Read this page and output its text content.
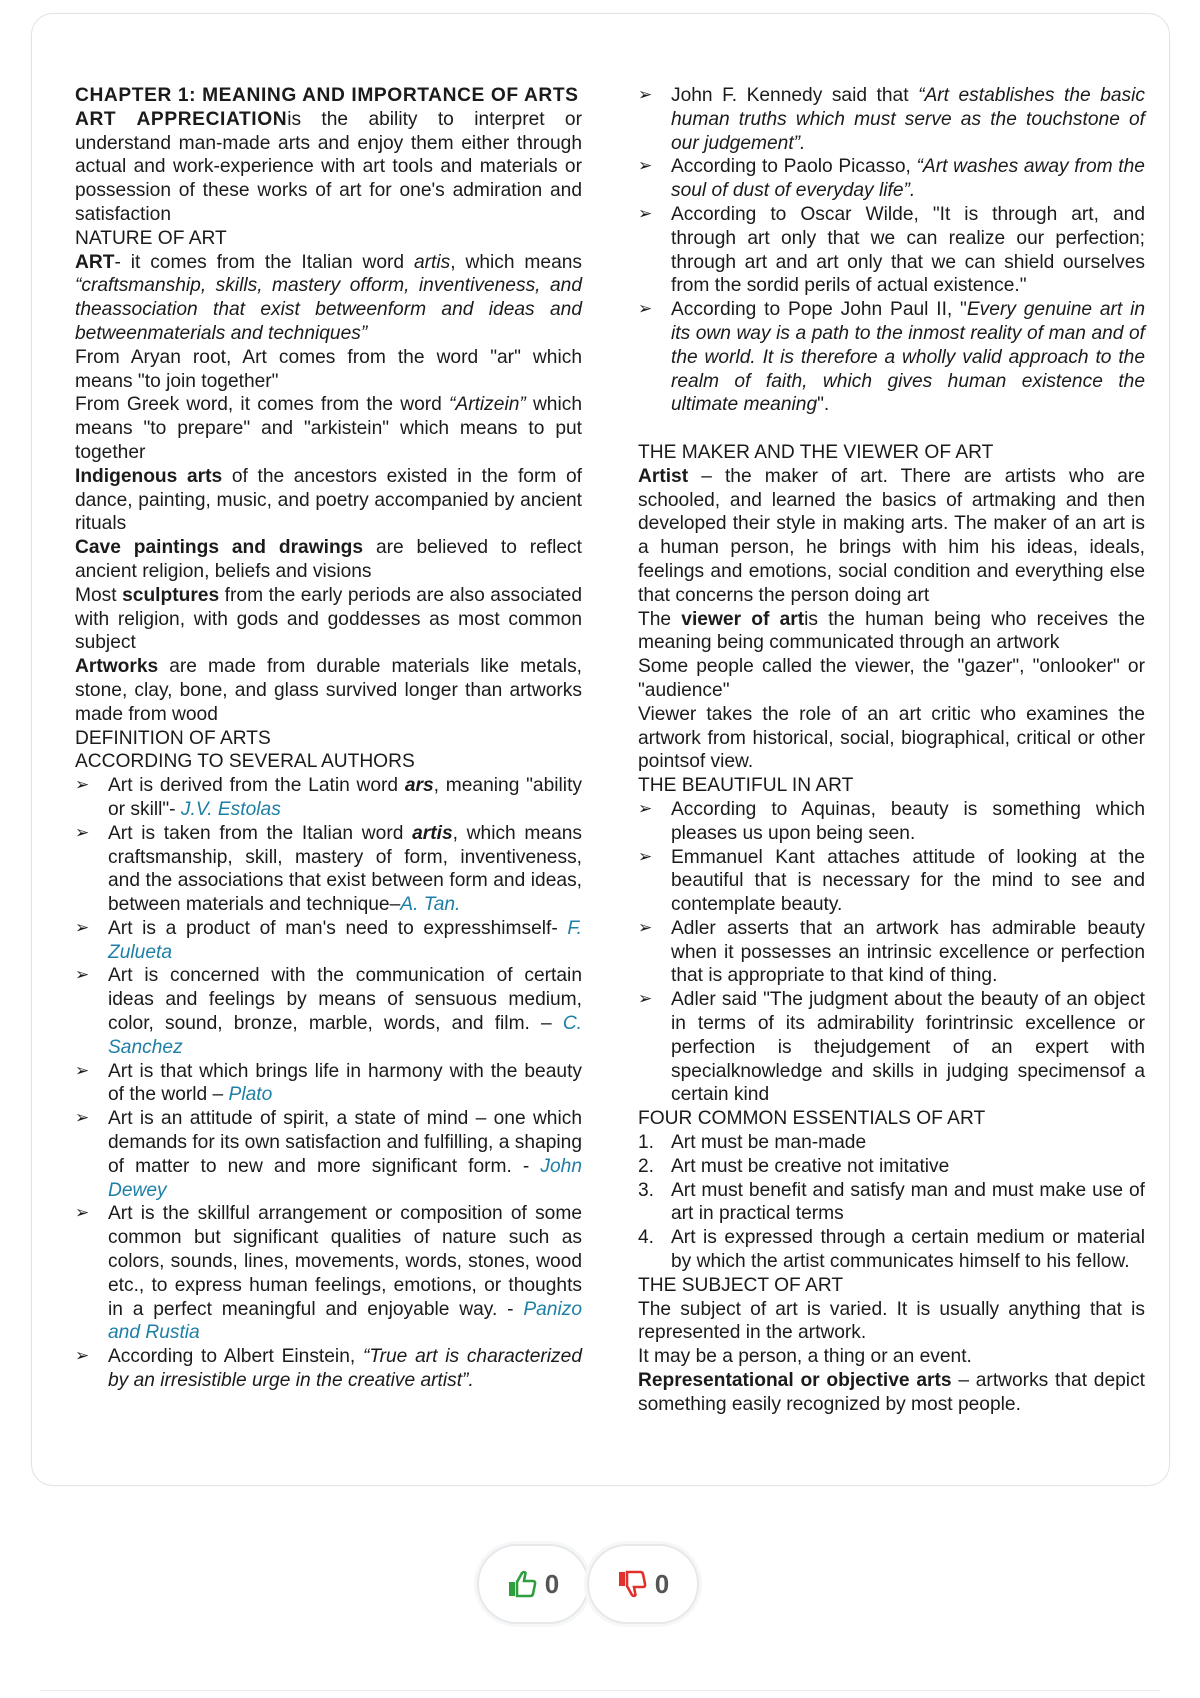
CHAPTER 1: MEANING AND IMPORTANCE OF ARTS

ART APPRECIATIONis the ability to interpret or understand man-made arts and enjoy them either through actual and work-experience with art tools and materials or possession of these works of art for one's admiration and satisfaction

NATURE OF ART

ART- it comes from the Italian word artis, which means “craftsmanship, skills, mastery ofform, inventiveness, and theassociation that exist betweenform and ideas and betweenmaterials and techniques”

From Aryan root, Art comes from the word "ar" which means "to join together"

From Greek word, it comes from the word “Artizein” which means "to prepare" and "arkistein" which means to put together

Indigenous arts of the ancestors existed in the form of dance, painting, music, and poetry accompanied by ancient rituals

Cave paintings and drawings are believed to reflect ancient religion, beliefs and visions

Most sculptures from the early periods are also associated with religion, with gods and goddesses as most common subject

Artworks are made from durable materials like metals, stone, clay, bone, and glass survived longer than artworks made from wood

DEFINITION OF ARTS

ACCORDING TO SEVERAL AUTHORS

➢ Art is derived from the Latin word ars, meaning "ability or skill"- J.V. Estolas
➢ Art is taken from the Italian word artis, which means craftsmanship, skill, mastery of form, inventiveness, and the associations that exist between form and ideas, between materials and technique–A. Tan.
➢ Art is a product of man's need to expresshimself- F. Zulueta
➢ Art is concerned with the communication of certain ideas and feelings by means of sensuous medium, color, sound, bronze, marble, words, and film. – C. Sanchez
➢ Art is that which brings life in harmony with the beauty of the world – Plato
➢ Art is an attitude of spirit, a state of mind – one which demands for its own satisfaction and fulfilling, a shaping of matter to new and more significant form. - John Dewey
➢ Art is the skillful arrangement or composition of some common but significant qualities of nature such as colors, sounds, lines, movements, words, stones, wood etc., to express human feelings, emotions, or thoughts in a perfect meaningful and enjoyable way. - Panizo and Rustia
➢ According to Albert Einstein, “True art is characterized by an irresistible urge in the creative artist”.
➢ John F. Kennedy said that “Art establishes the basic human truths which must serve as the touchstone of our judgement”.
➢ According to Paolo Picasso, “Art washes away from the soul of dust of everyday life”.
➢ According to Oscar Wilde, "It is through art, and through art only that we can realize our perfection; through art and art only that we can shield ourselves from the sordid perils of actual existence."
➢ According to Pope John Paul II, "Every genuine art in its own way is a path to the inmost reality of man and of the world. It is therefore a wholly valid approach to the realm of faith, which gives human existence the ultimate meaning".

THE MAKER AND THE VIEWER OF ART

Artist – the maker of art. There are artists who are schooled, and learned the basics of artmaking and then developed their style in making arts. The maker of an art is a human person, he brings with him his ideas, ideals, feelings and emotions, social condition and everything else that concerns the person doing art

The viewer of artis the human being who receives the meaning being communicated through an artwork

Some people called the viewer, the "gazer", "onlooker" or "audience"

Viewer takes the role of an art critic who examines the artwork from historical, social, biographical, critical or other pointsof view.

THE BEAUTIFUL IN ART

➢ According to Aquinas, beauty is something which pleases us upon being seen.
➢ Emmanuel Kant attaches attitude of looking at the beautiful that is necessary for the mind to see and contemplate beauty.
➢ Adler asserts that an artwork has admirable beauty when it possesses an intrinsic excellence or perfection that is appropriate to that kind of thing.
➢ Adler said "The judgment about the beauty of an object in terms of its admirability forintrinsic excellence or perfection is thejudgement of an expert with specialknowledge and skills in judging specimensof a certain kind

FOUR COMMON ESSENTIALS OF ART

1. Art must be man-made
2. Art must be creative not imitative
3. Art must benefit and satisfy man and must make use of art in practical terms
4. Art is expressed through a certain medium or material by which the artist communicates himself to his fellow.

THE SUBJECT OF ART

The subject of art is varied. It is usually anything that is represented in the artwork.

It may be a person, a thing or an event.

Representational or objective arts – artworks that depict something easily recognized by most people.

0	0
